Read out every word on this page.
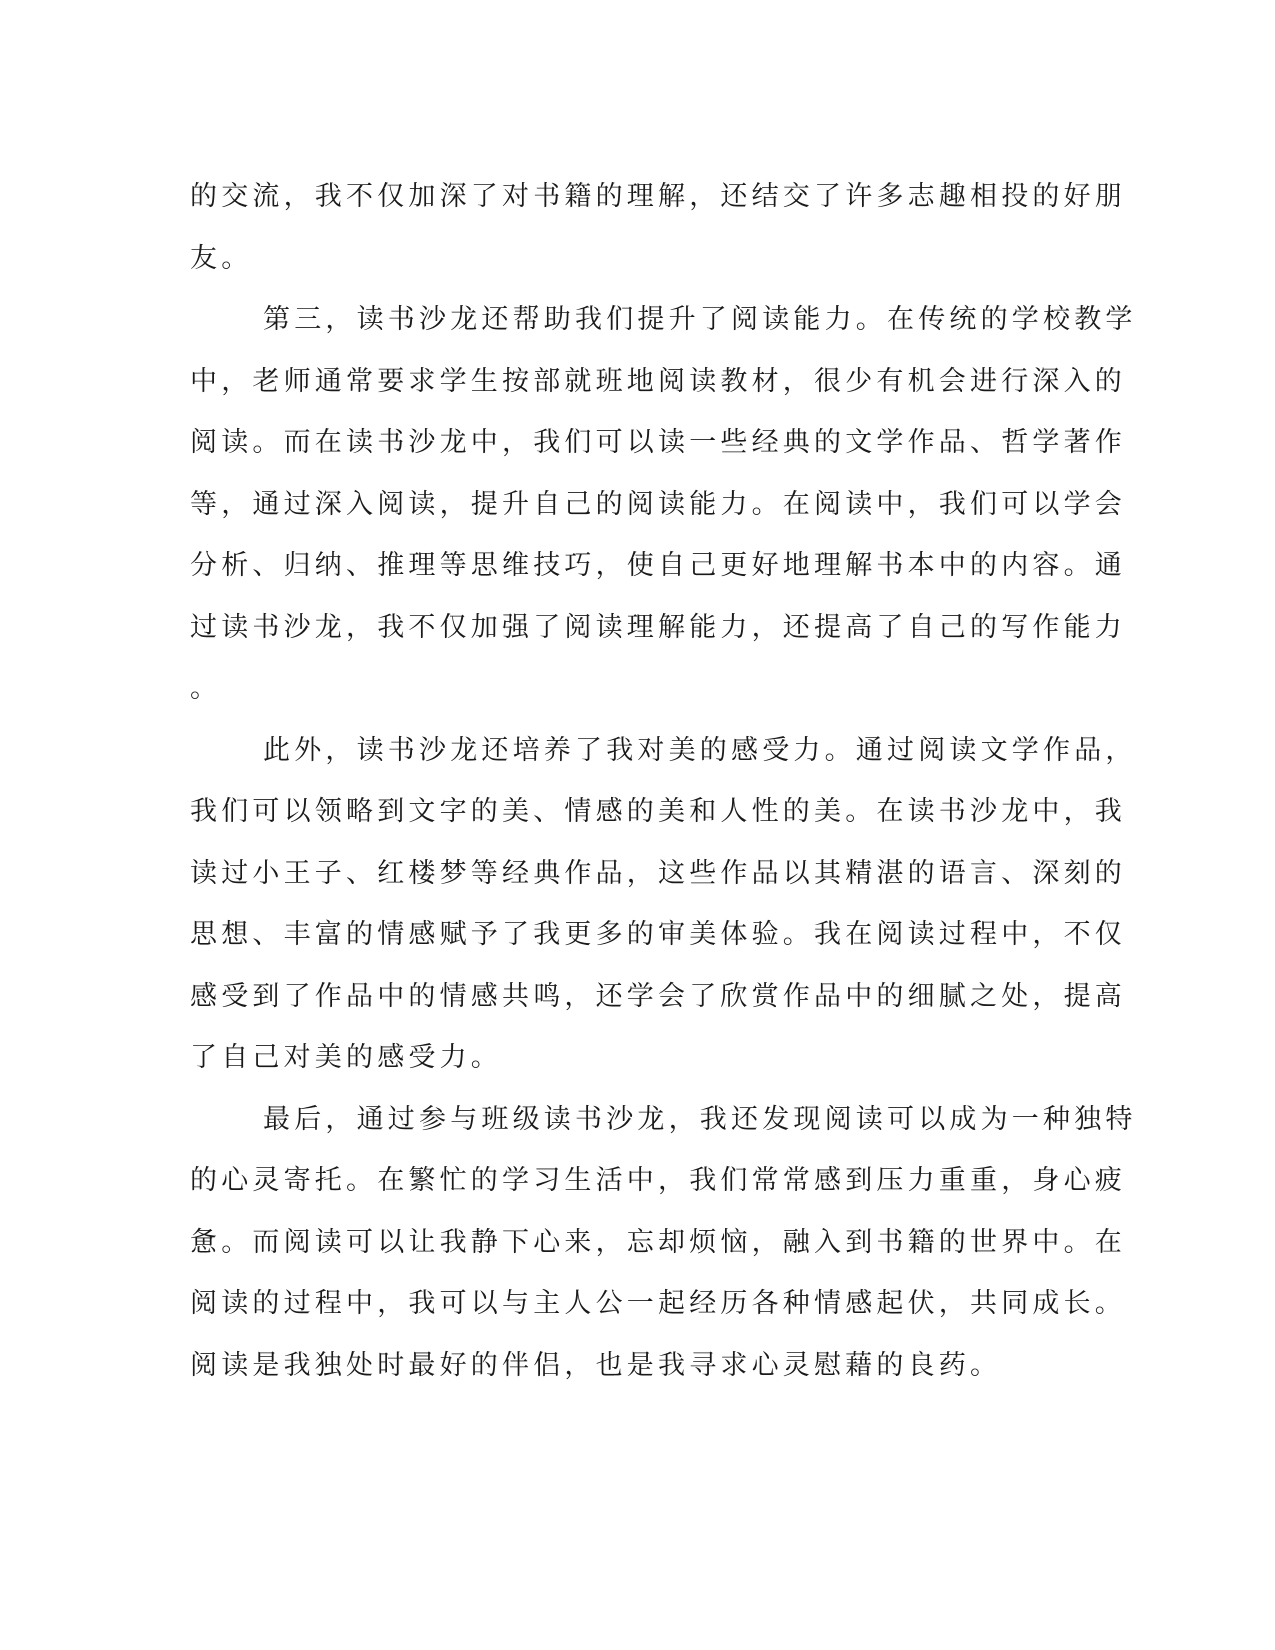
的交流，我不仅加深了对书籍的理解，还结交了许多志趣相投的好朋
友。
第三，读书沙龙还帮助我们提升了阅读能力。在传统的学校教学
中，老师通常要求学生按部就班地阅读教材，很少有机会进行深入的
阅读。而在读书沙龙中，我们可以读一些经典的文学作品、哲学著作
等，通过深入阅读，提升自己的阅读能力。在阅读中，我们可以学会
分析、归纳、推理等思维技巧，使自己更好地理解书本中的内容。通
过读书沙龙，我不仅加强了阅读理解能力，还提高了自己的写作能力
。
此外，读书沙龙还培养了我对美的感受力。通过阅读文学作品，
我们可以领略到文字的美、情感的美和人性的美。在读书沙龙中，我
读过小王子、红楼梦等经典作品，这些作品以其精湛的语言、深刻的
思想、丰富的情感赋予了我更多的审美体验。我在阅读过程中，不仅
感受到了作品中的情感共鸣，还学会了欣赏作品中的细腻之处，提高
了自己对美的感受力。
最后，通过参与班级读书沙龙，我还发现阅读可以成为一种独特
的心灵寄托。在繁忙的学习生活中，我们常常感到压力重重，身心疲
惫。而阅读可以让我静下心来，忘却烦恼，融入到书籍的世界中。在
阅读的过程中，我可以与主人公一起经历各种情感起伏，共同成长。
阅读是我独处时最好的伴侣，也是我寻求心灵慰藉的良药。
